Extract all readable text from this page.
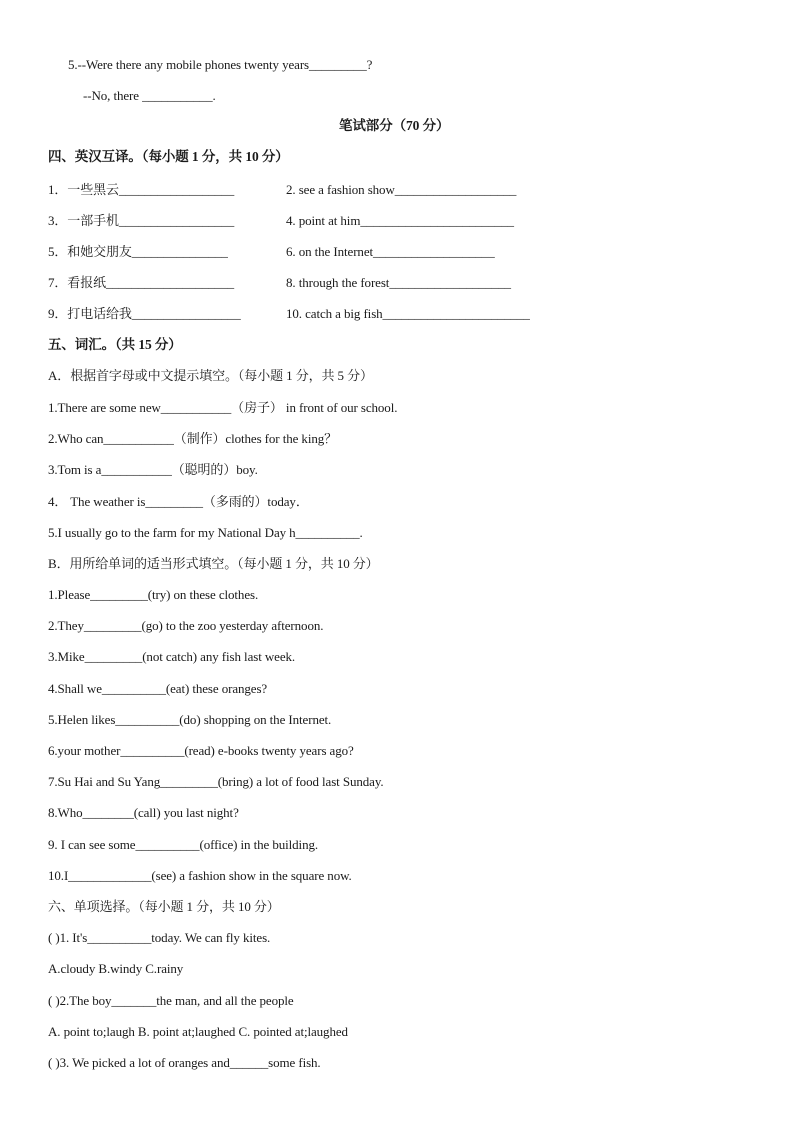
5.--Were there any mobile phones twenty years_________?
--No, there ___________.
笔试部分（70 分）
四、英汉互译。（每小题 1 分，共 10 分）
1．一些黑云__________________	2. see a fashion show___________________
3．一部手机__________________	4. point at him________________________
5．和她交朋友_______________	6. on the Internet___________________
7．看报纸____________________	8. through the forest___________________
9．打电话给我_________________	10. catch a big fish_______________________
五、词汇。（共 15 分）
A．根据首字母或中文提示填空。（每小题 1 分，共 5 分）
1.There are some new___________（房子） in front of our school.
2.Who can___________（制作）clothes for the king？
3.Tom is a___________（聪明的）boy.
4． The weather is_________（多雨的）today．
5.I usually go to the farm for my National Day h__________.
B．用所给单词的适当形式填空。（每小题 1 分，共 10 分）
1.Please_________(try) on these clothes.
2.They_________(go) to the zoo yesterday afternoon.
3.Mike_________(not catch) any fish last week.
4.Shall we__________(eat) these oranges?
5.Helen likes__________(do) shopping on the Internet.
6.your mother__________(read) e-books twenty years ago?
7.Su Hai and Su Yang_________(bring) a lot of food last Sunday.
8.Who________(call) you last night?
9. I can see some__________(office) in the building.
10.I_____________(see) a fashion show in the square now.
六、单项选择。（每小题 1 分，共 10 分）
( )1. It's__________today. We can fly kites.
A.cloudy B.windy C.rainy
( )2.The boy_______the man, and all the people
A. point to;laugh B. point at;laughed C. pointed at;laughed
( )3. We picked a lot of oranges and______some fish.
